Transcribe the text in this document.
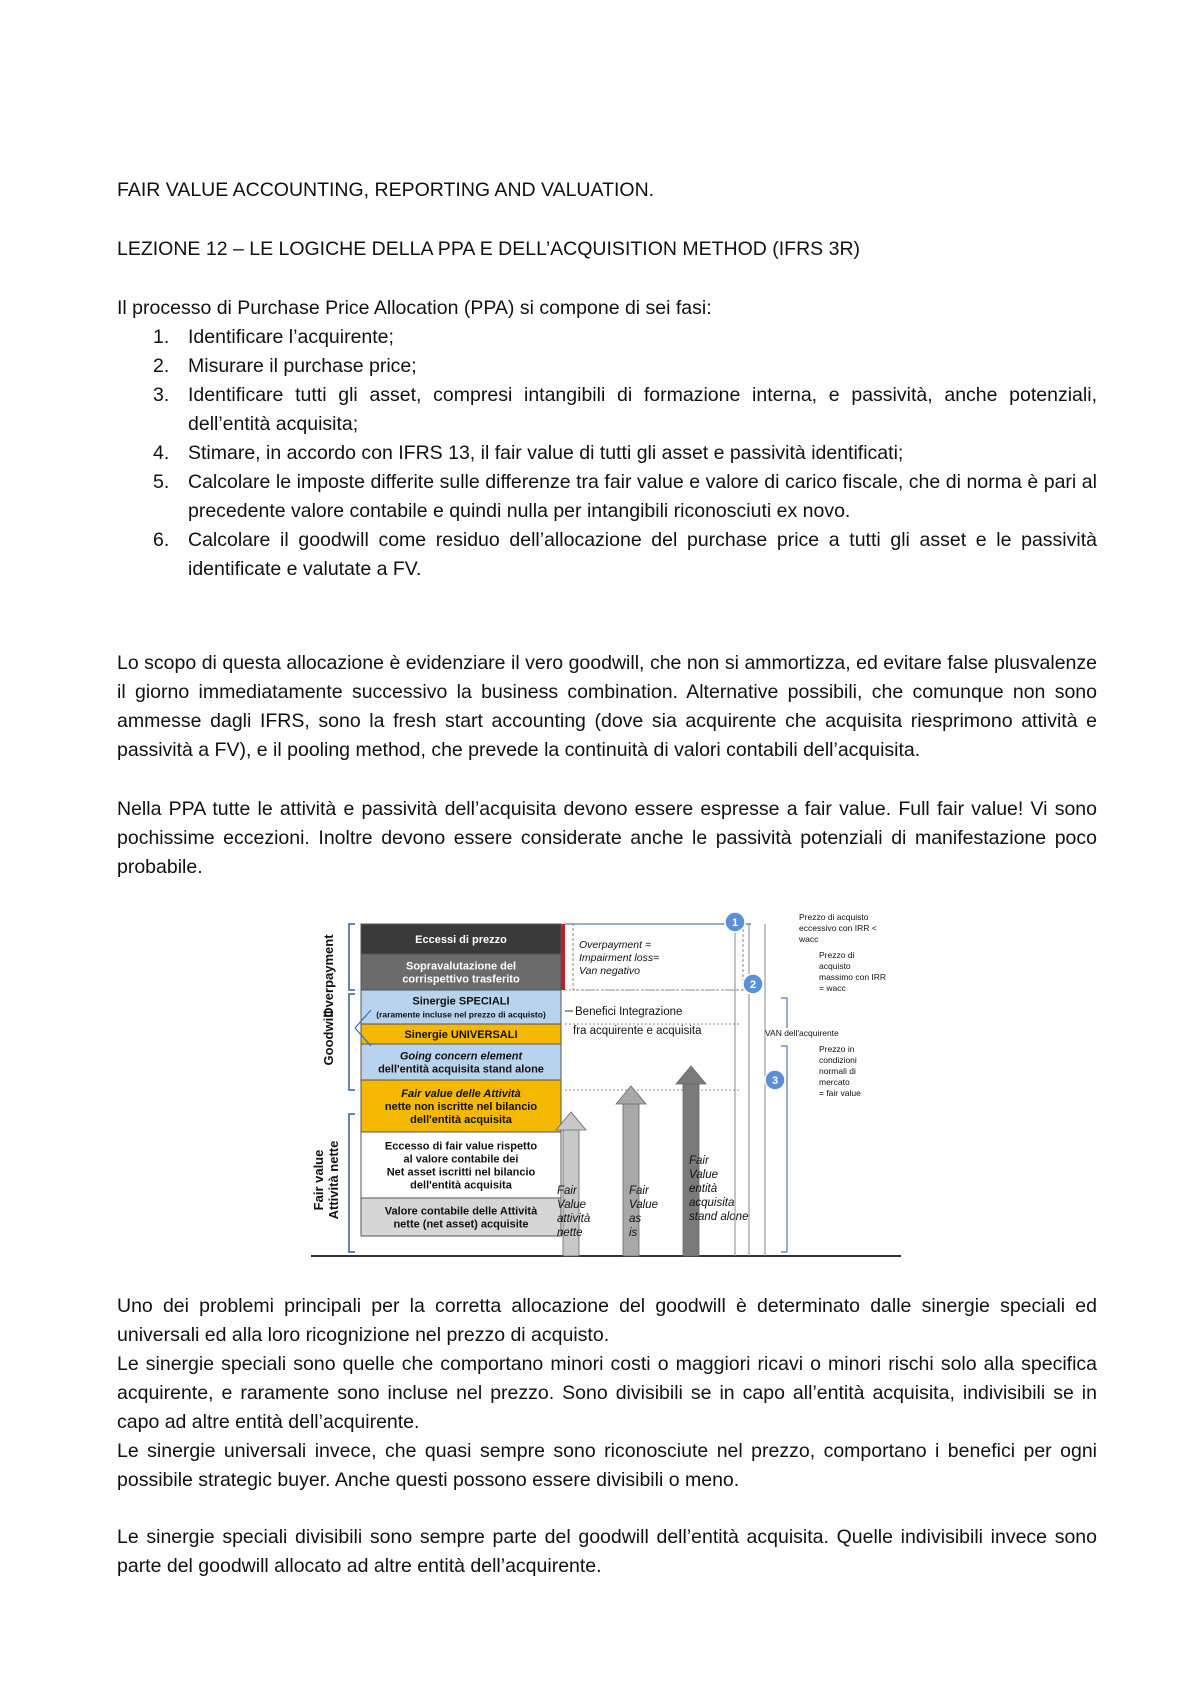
FAIR VALUE ACCOUNTING, REPORTING AND VALUATION.

LEZIONE 12 – LE LOGICHE DELLA PPA E DELL’ACQUISITION METHOD (IFRS 3R)

Il processo di Purchase Price Allocation (PPA) si compone di sei fasi:

1. Identificare l’acquirente;
2. Misurare il purchase price;
3. Identificare tutti gli asset, compresi intangibili di formazione interna, e passività, anche potenziali, dell’entità acquisita;
4. Stimare, in accordo con IFRS 13, il fair value di tutti gli asset e passività identificati;
5. Calcolare le imposte differite sulle differenze tra fair value e valore di carico fiscale, che di norma è pari al precedente valore contabile e quindi nulla per intangibili riconosciuti ex novo.
6. Calcolare il goodwill come residuo dell’allocazione del purchase price a tutti gli asset e le passività identificate e valutate a FV.

Lo scopo di questa allocazione è evidenziare il vero goodwill, che non si ammortizza, ed evitare false plusvalenze il giorno immediatamente successivo la business combination. Alternative possibili, che comunque non sono ammesse dagli IFRS, sono la fresh start accounting (dove sia acquirente che acquisita riesprimono attività e passività a FV), e il pooling method, che prevede la continuità di valori contabili dell’acquisita.

Nella PPA tutte le attività e passività dell’acquisita devono essere espresse a fair value. Full fair value! Vi sono pochissime eccezioni. Inoltre devono essere considerate anche le passività potenziali di manifestazione poco probabile.

Eccessi di prezzo
Sopravalutazione del
corrispettivo trasferito
Sinergie SPECIALI
(raramente incluse nel prezzo di acquisto)
Sinergie UNIVERSALI
Going concern element
dell'entità acquisita stand alone
Fair value delle Attività
nette non iscritte nel bilancio
dell'entità acquisita
Eccesso di fair value rispetto
al valore contabile dei
Net asset iscritti nel bilancio
dell'entità acquisita
Valore contabile delle Attività
nette (net asset) acquisite
Overpayment
Goodwill
Fair value Attività nette
Overpayment =
Impairment loss=
Van negativo
Benefici Integrazione
fra acquirente e acquisita
Fair
Value
attività
nette
Fair
Value
as
is
Fair
Value
entità
acquisita
stand alone
1	Prezzo di acquisto
eccessivo con IRR <
wacc
2
Prezzo di
acquisto
massimo con IRR
= wacc
3
Prezzo in
condizioni
normali di
mercato
= fair value
VAN dell'acquirente

Uno dei problemi principali per la corretta allocazione del goodwill è determinato dalle sinergie speciali ed universali ed alla loro ricognizione nel prezzo di acquisto.

Le sinergie speciali sono quelle che comportano minori costi o maggiori ricavi o minori rischi solo alla specifica acquirente, e raramente sono incluse nel prezzo. Sono divisibili se in capo all’entità acquisita, indivisibili se in capo ad altre entità dell’acquirente.

Le sinergie universali invece, che quasi sempre sono riconosciute nel prezzo, comportano i benefici per ogni possibile strategic buyer. Anche questi possono essere divisibili o meno.

Le sinergie speciali divisibili sono sempre parte del goodwill dell’entità acquisita. Quelle indivisibili invece sono parte del goodwill allocato ad altre entità dell’acquirente.
